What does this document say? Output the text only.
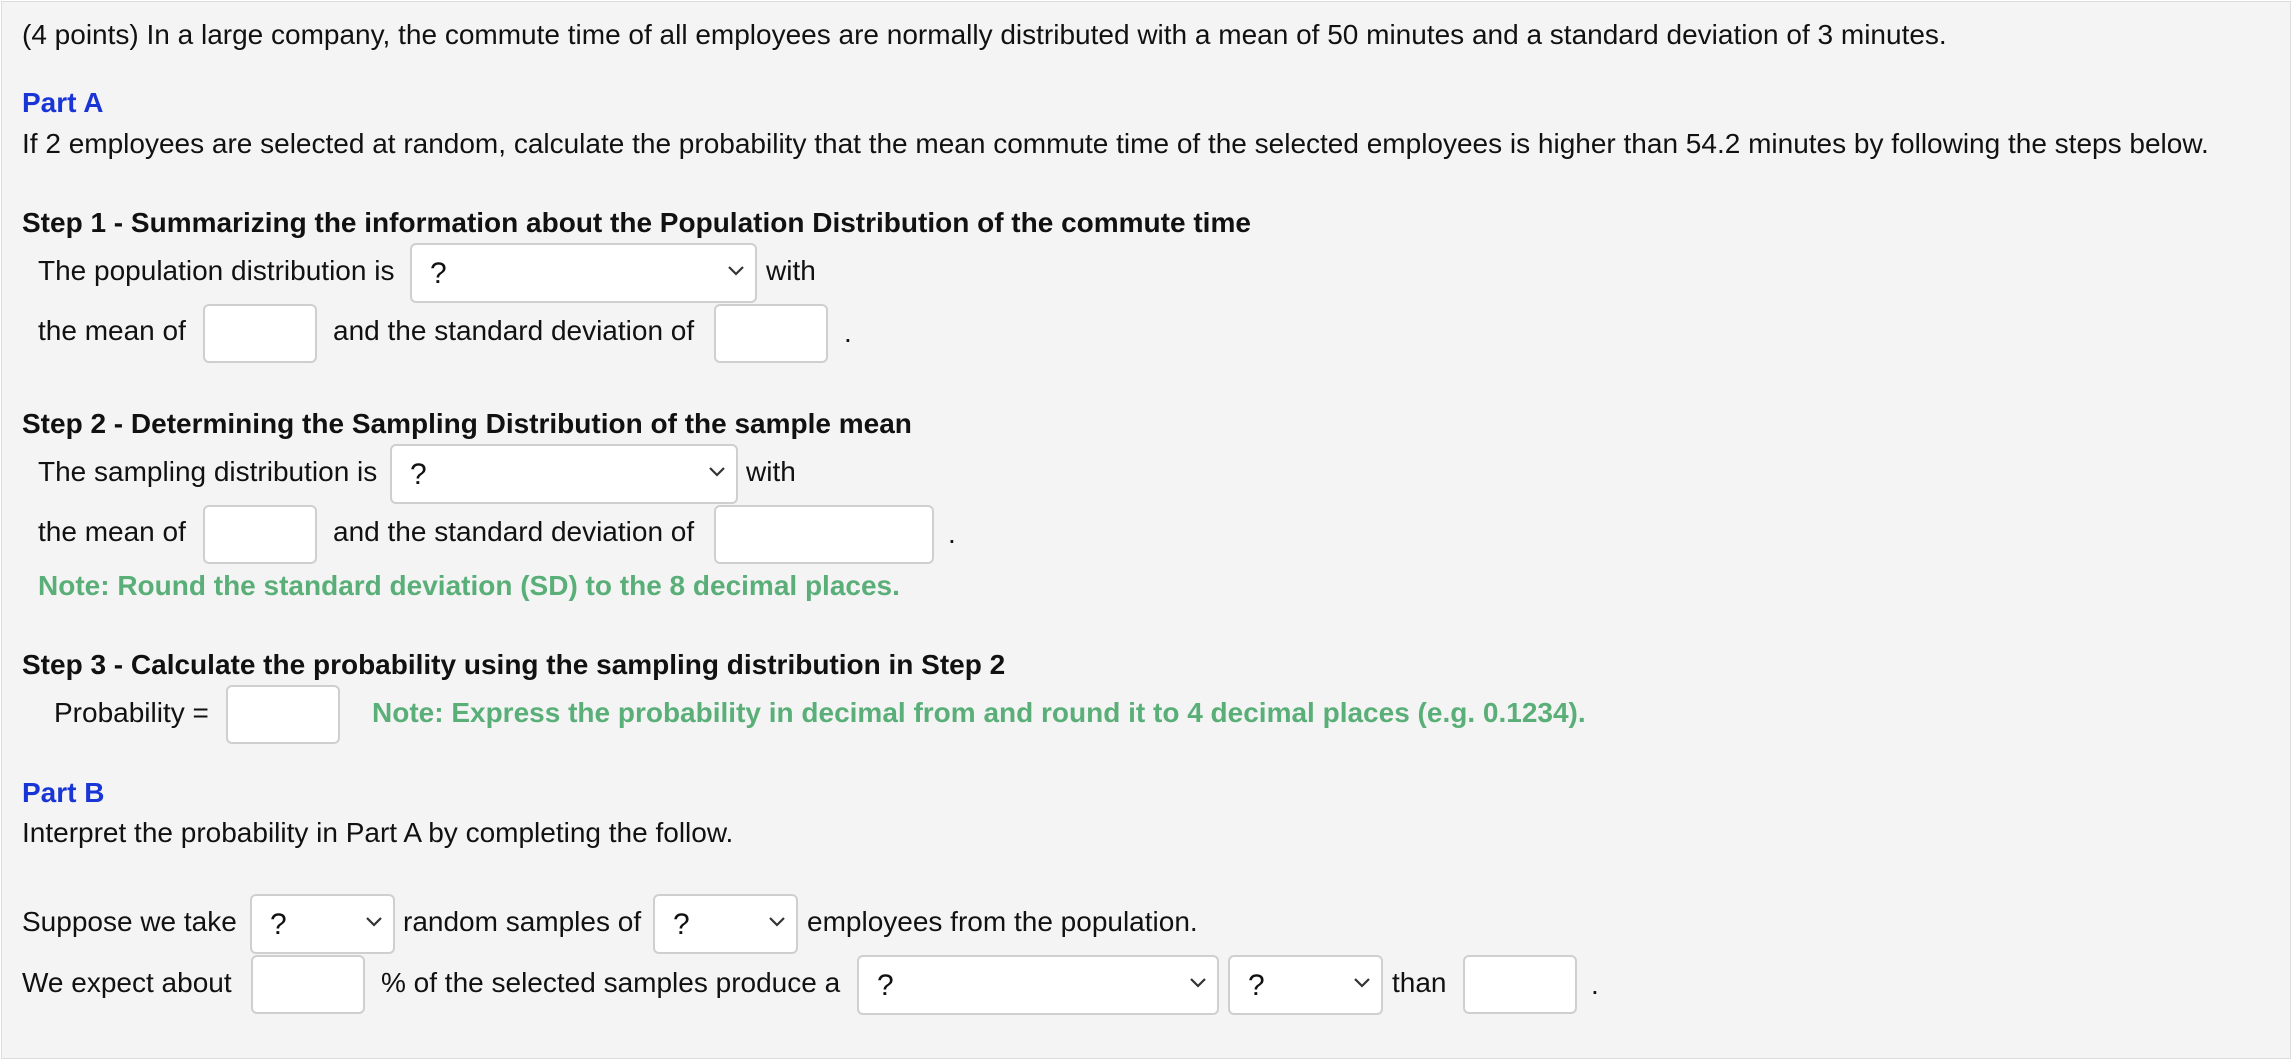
(4 points) In a large company, the commute time of all employees are normally distributed with a mean of 50 minutes and a standard deviation of 3 minutes.
Part A
If 2 employees are selected at random, calculate the probability that the mean commute time of the selected employees is higher than 54.2 minutes by following the steps below.
Step 1 - Summarizing the information about the Population Distribution of the commute time
The population distribution is ?	with
the mean of	and the standard deviation of	.
Step 2 - Determining the Sampling Distribution of the sample mean
The sampling distribution is ?	with
the mean of	and the standard deviation of	.
Note: Round the standard deviation (SD) to the 8 decimal places.
Step 3 - Calculate the probability using the sampling distribution in Step 2
Probability =	Note: Express the probability in decimal from and round it to 4 decimal places (e.g. 0.1234).
Part B
Interpret the probability in Part A by completing the follow.
Suppose we take ?	random samples of ?	employees from the population.
We expect about	% of the selected samples produce a ?	?	than	.
